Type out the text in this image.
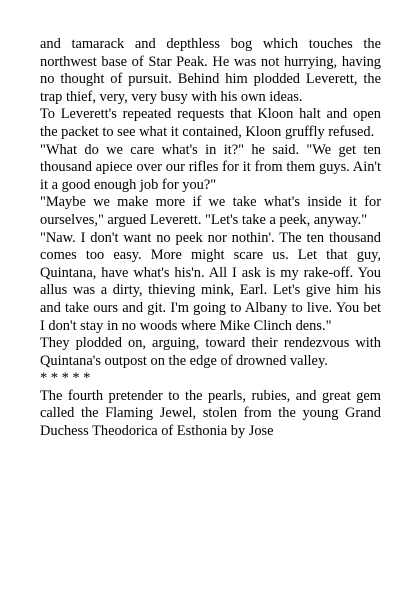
and tamarack and depthless bog which touches the northwest base of Star Peak. He was not hurrying, having no thought of pursuit. Behind him plodded Leverett, the trap thief, very, very busy with his own ideas.

To Leverett's repeated requests that Kloon halt and open the packet to see what it contained, Kloon gruffly refused.

"What do we care what's in it?" he said. "We get ten thousand apiece over our rifles for it from them guys. Ain't it a good enough job for you?"

"Maybe we make more if we take what's inside it for ourselves," argued Leverett. "Let's take a peek, anyway."

"Naw. I don't want no peek nor nothin'. The ten thousand comes too easy. More might scare us. Let that guy, Quintana, have what's his'n. All I ask is my rake-off. You allus was a dirty, thieving mink, Earl. Let's give him his and take ours and git. I'm going to Albany to live. You bet I don't stay in no woods where Mike Clinch dens."

They plodded on, arguing, toward their rendezvous with Quintana's outpost on the edge of drowned valley.

* * * * *

The fourth pretender to the pearls, rubies, and great gem called the Flaming Jewel, stolen from the young Grand Duchess Theodorica of Esthonia by Jose
